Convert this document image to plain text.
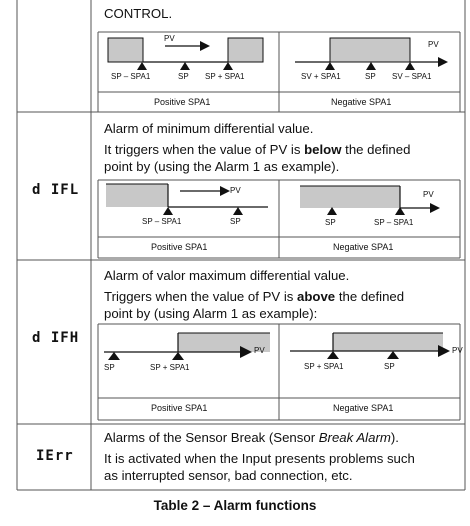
CONTROL.
PV
SP – SPA1	SP SP + SPA1
Positive SPA1
PV
SV + SPA1	SP SV – SPA1
Negative SPA1
d IFL
Alarm of minimum differential value.
It triggers when the value of PV is below the defined
point by (using the Alarm 1 as example).
PV
SP – SPA1	SP
Positive SPA1
PV
SP	SP – SPA1
Negative SPA1
d IFH
Alarm of valor maximum differential value.
Triggers when the value of PV is above the defined
point by (using Alarm 1 as example):
PV
SP	SP + SPA1
Positive SPA1
PV
SP + SPA1	SP
Negative SPA1
IErr
Alarms of the Sensor Break (Sensor Break Alarm).
It is activated when the Input presents problems such
as interrupted sensor, bad connection, etc.
Table 2 – Alarm functions
